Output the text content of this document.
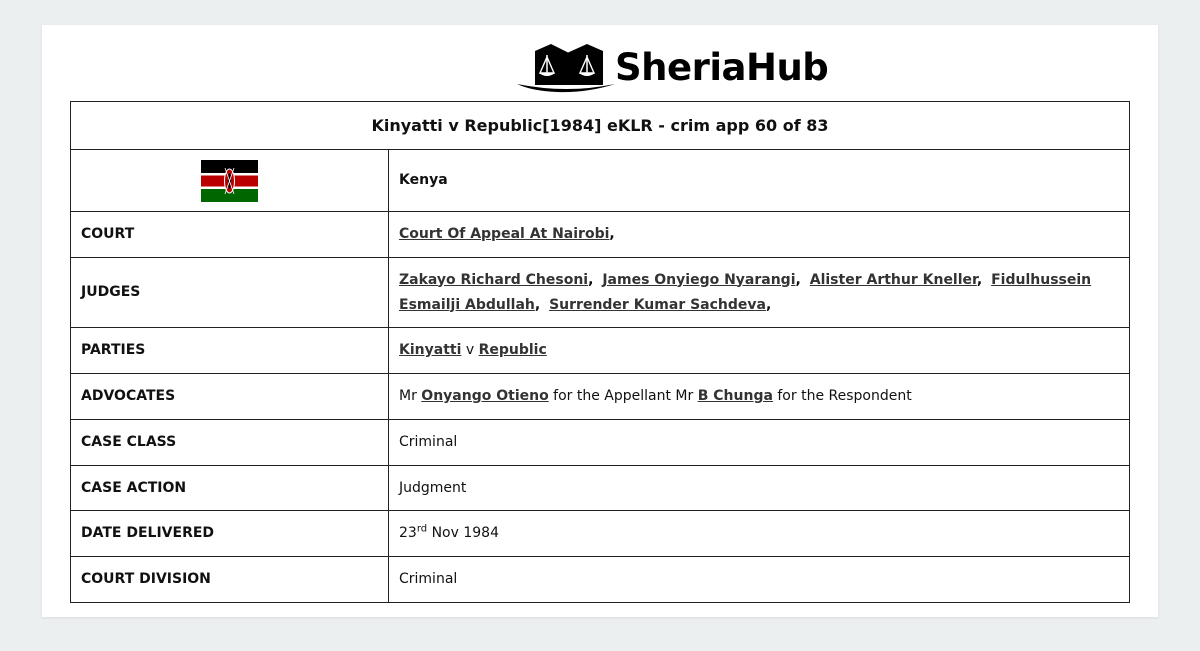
SheriaHub
Kinyatti v Republic[1984] eKLR - crim app 60 of 83	
	Kenya
COURT	Court Of Appeal At Nairobi,
JUDGES	Zakayo Richard Chesoni, James Onyiego Nyarangi, Alister Arthur Kneller, Fidulhussein Esmailji Abdullah, Surrender Kumar Sachdeva,
PARTIES	Kinyatti v Republic
ADVOCATES	Mr Onyango Otieno for the Appellant Mr B Chunga for the Respondent
CASE CLASS	Criminal
CASE ACTION	Judgment
DATE DELIVERED	23rd Nov 1984
COURT DIVISION	Criminal
